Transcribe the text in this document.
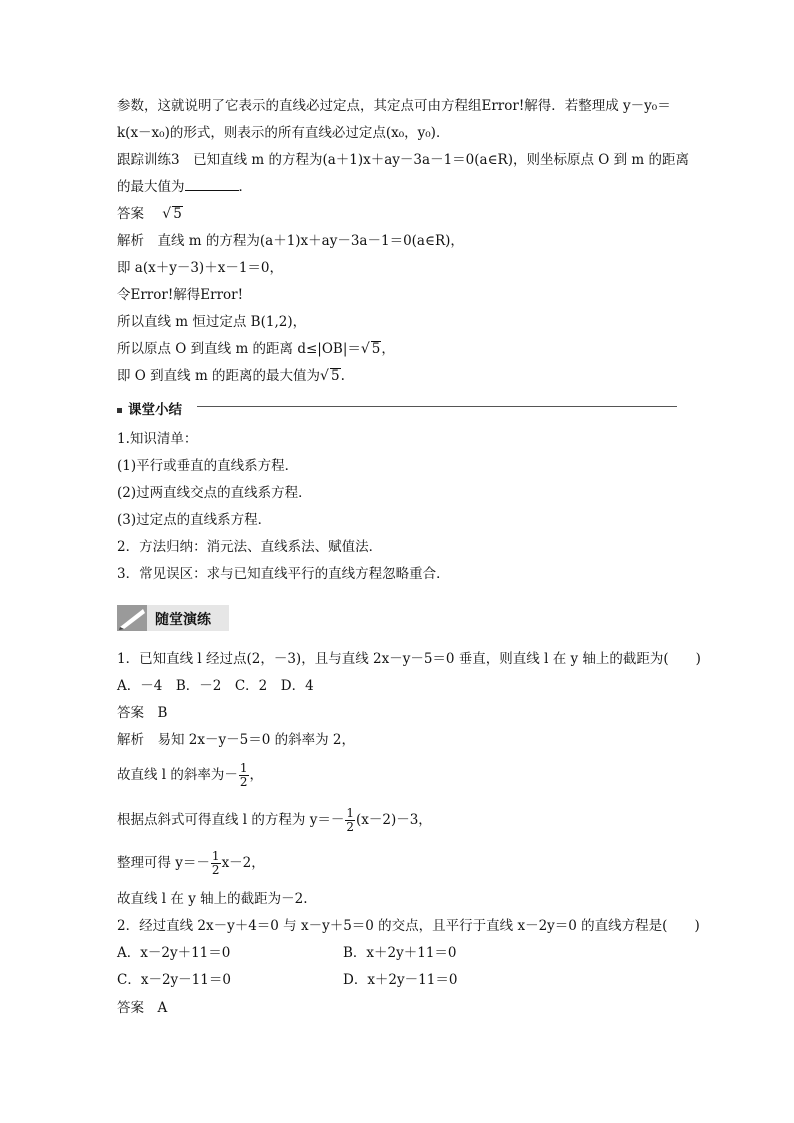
参数，这就说明了它表示的直线必过定点，其定点可由方程组Error!解得．若整理成 y－y₀＝
k(x－x₀)的形式，则表示的所有直线必过定点(x₀，y₀)．
跟踪训练3　已知直线 m 的方程为(a＋1)x＋ay－3a－1＝0(a∈R)，则坐标原点 O 到 m 的距离
的最大值为	．
答案 √ 5
解析　直线 m 的方程为(a＋1)x＋ay－3a－1＝0(a∈R)，
即 a(x＋y－3)＋x－1＝0，
令Error!解得Error!
所以直线 m 恒过定点 B(1,2)，
所以原点 O 到直线 m 的距离 d≤|OB|＝√ 5，
即 O 到直线 m 的距离的最大值为√ 5.
课堂小结
1.知识清单：
(1)平行或垂直的直线系方程．
(2)过两直线交点的直线系方程．
(3)过定点的直线系方程．
2．方法归纳：消元法、直线系法、赋值法．
3．常见误区：求与已知直线平行的直线方程忽略重合．
随堂演练
1．已知直线 l 经过点(2，－3)，且与直线 2x－y－5＝0 垂直，则直线 l 在 y 轴上的截距为(　　)
A．－4　B．－2　C．2　D．4
答案　B
解析　易知 2x－y－5＝0 的斜率为 2，
故直线 l 的斜率为－ $\frac{1}{2}$ ，
根据点斜式可得直线 l 的方程为 $y=- \frac{1}{2} (x-2)-3$，
整理可得 $y=- \frac{1}{2} x-2$，
故直线 l 在 y 轴上的截距为－2.
2．经过直线 2x－y＋4＝0 与 x－y＋5＝0 的交点，且平行于直线 x－2y＝0 的直线方程是(　　)
A．x－2y＋11＝0	B．x＋2y＋11＝0
C．x－2y－11＝0	D．x＋2y－11＝0
答案　A
